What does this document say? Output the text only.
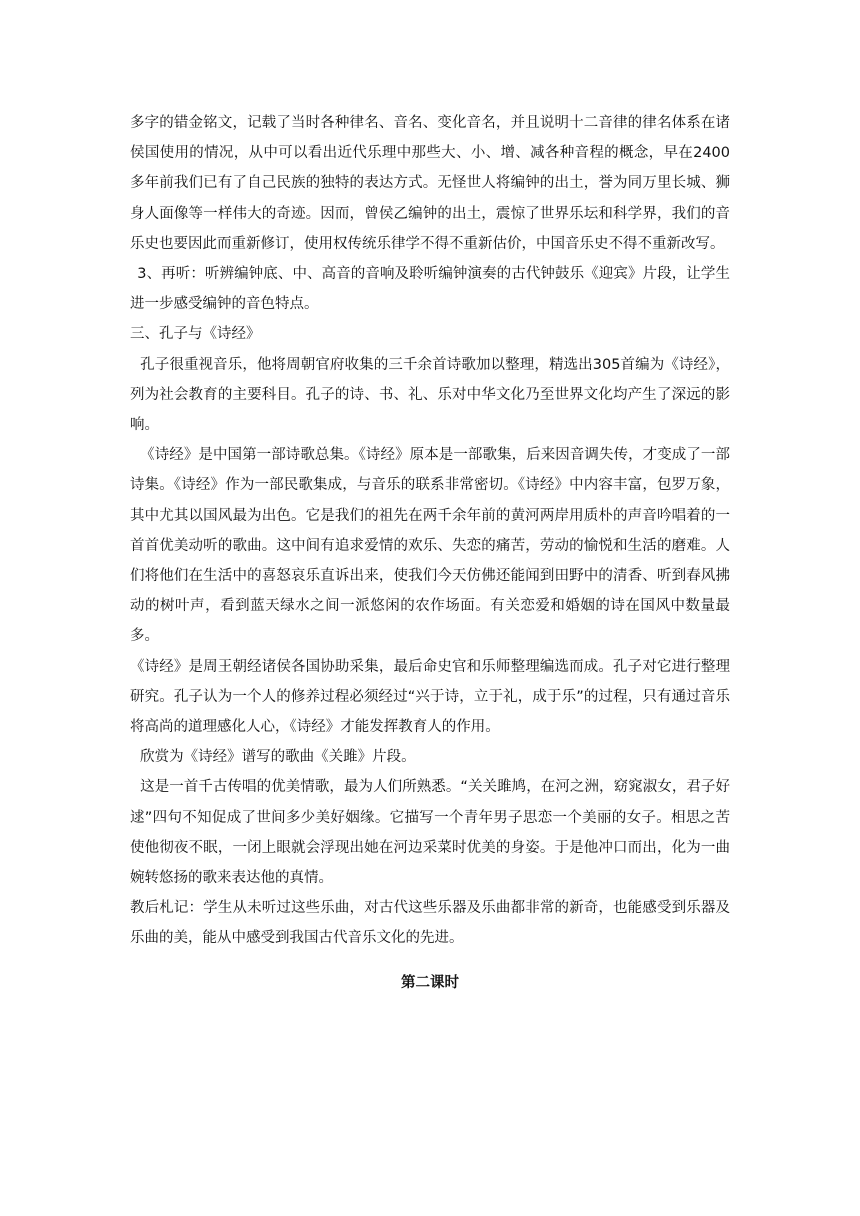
多字的错金铭文，记载了当时各种律名、音名、变化音名，并且说明十二音律的律名体系在诸侯国使用的情况，从中可以看出近代乐理中那些大、小、增、减各种音程的概念，早在2400多年前我们已有了自己民族的独特的表达方式。无怪世人将编钟的出土，誉为同万里长城、狮身人面像等一样伟大的奇迹。因而，曾侯乙编钟的出土，震惊了世界乐坛和科学界，我们的音乐史也要因此而重新修订，使用权传统乐律学不得不重新估价，中国音乐史不得不重新改写。

3、再听：听辨编钟底、中、高音的音响及聆听编钟演奏的古代钟鼓乐《迎宾》片段，让学生进一步感受编钟的音色特点。

三、孔子与《诗经》

孔子很重视音乐，他将周朝官府收集的三千余首诗歌加以整理，精选出305首编为《诗经》，列为社会教育的主要科目。孔子的诗、书、礼、乐对中华文化乃至世界文化均产生了深远的影响。

《诗经》是中国第一部诗歌总集。《诗经》原本是一部歌集，后来因音调失传，才变成了一部诗集。《诗经》作为一部民歌集成，与音乐的联系非常密切。《诗经》中内容丰富，包罗万象，其中尤其以国风最为出色。它是我们的祖先在两千余年前的黄河两岸用质朴的声音吟唱着的一首首优美动听的歌曲。这中间有追求爱情的欢乐、失恋的痛苦，劳动的愉悦和生活的磨难。人们将他们在生活中的喜怒哀乐直诉出来，使我们今天仿佛还能闻到田野中的清香、听到春风拂动的树叶声，看到蓝天绿水之间一派悠闲的农作场面。有关恋爱和婚姻的诗在国风中数量最多。

《诗经》是周王朝经诸侯各国协助采集，最后命史官和乐师整理编选而成。孔子对它进行整理研究。孔子认为一个人的修养过程必须经过“兴于诗，立于礼，成于乐”的过程，只有通过音乐将高尚的道理感化人心，《诗经》才能发挥教育人的作用。

欣赏为《诗经》谱写的歌曲《关雎》片段。

这是一首千古传唱的优美情歌，最为人们所熟悉。“关关雎鸠，在河之洲，窈窕淑女，君子好逑”四句不知促成了世间多少美好姻缘。它描写一个青年男子思恋一个美丽的女子。相思之苦使他彻夜不眠，一闭上眼就会浮现出她在河边采菜时优美的身姿。于是他冲口而出，化为一曲婉转悠扬的歌来表达他的真情。

教后札记：学生从未听过这些乐曲，对古代这些乐器及乐曲都非常的新奇，也能感受到乐器及乐曲的美，能从中感受到我国古代音乐文化的先进。

第二课时
